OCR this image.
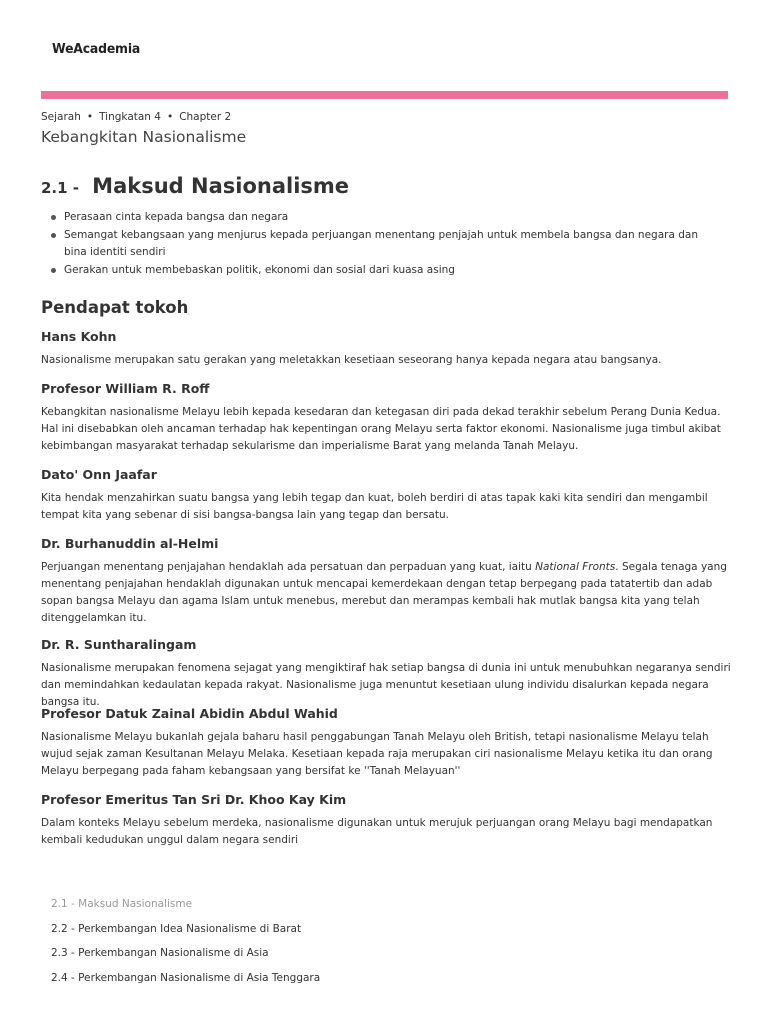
WeAcademia
Sejarah • Tingkatan 4 • Chapter 2
Kebangkitan Nasionalisme
2.1 - Maksud Nasionalisme
Perasaan cinta kepada bangsa dan negara
Semangat kebangsaan yang menjurus kepada perjuangan menentang penjajah untuk membela bangsa dan negara dan bina identiti sendiri
Gerakan untuk membebaskan politik, ekonomi dan sosial dari kuasa asing
Pendapat tokoh
Hans Kohn

Nasionalisme merupakan satu gerakan yang meletakkan kesetiaan seseorang hanya kepada negara atau bangsanya.

Profesor William R. Roff

Kebangkitan nasionalisme Melayu lebih kepada kesedaran dan ketegasan diri pada dekad terakhir sebelum Perang Dunia Kedua. Hal ini disebabkan oleh ancaman terhadap hak kepentingan orang Melayu serta faktor ekonomi. Nasionalisme juga timbul akibat kebimbangan masyarakat terhadap sekularisme dan imperialisme Barat yang melanda Tanah Melayu.

Dato' Onn Jaafar

Kita hendak menzahirkan suatu bangsa yang lebih tegap dan kuat, boleh berdiri di atas tapak kaki kita sendiri dan mengambil tempat kita yang sebenar di sisi bangsa-bangsa lain yang tegap dan bersatu.

Dr. Burhanuddin al-Helmi

Perjuangan menentang penjajahan hendaklah ada persatuan dan perpaduan yang kuat, iaitu National Fronts. Segala tenaga yang menentang penjajahan hendaklah digunakan untuk mencapai kemerdekaan dengan tetap berpegang pada tatatertib dan adab sopan bangsa Melayu dan agama Islam untuk menebus, merebut dan merampas kembali hak mutlak bangsa kita yang telah ditenggelamkan itu.

Dr. R. Suntharalingam

Nasionalisme merupakan fenomena sejagat yang mengiktiraf hak setiap bangsa di dunia ini untuk menubuhkan negaranya sendiri dan memindahkan kedaulatan kepada rakyat. Nasionalisme juga menuntut kesetiaan ulung individu disalurkan kepada negara bangsa itu.

Profesor Datuk Zainal Abidin Abdul Wahid

Nasionalisme Melayu bukanlah gejala baharu hasil penggabungan Tanah Melayu oleh British, tetapi nasionalisme Melayu telah wujud sejak zaman Kesultanan Melayu Melaka. Kesetiaan kepada raja merupakan ciri nasionalisme Melayu ketika itu dan orang Melayu berpegang pada faham kebangsaan yang bersifat ke ''Tanah Melayuan''

Profesor Emeritus Tan Sri Dr. Khoo Kay Kim

Dalam konteks Melayu sebelum merdeka, nasionalisme digunakan untuk merujuk perjuangan orang Melayu bagi mendapatkan kembali kedudukan unggul dalam negara sendiri

2.1 - Maksud Nasionalisme
2.2 - Perkembangan Idea Nasionalisme di Barat
2.3 - Perkembangan Nasionalisme di Asia
2.4 - Perkembangan Nasionalisme di Asia Tenggara
